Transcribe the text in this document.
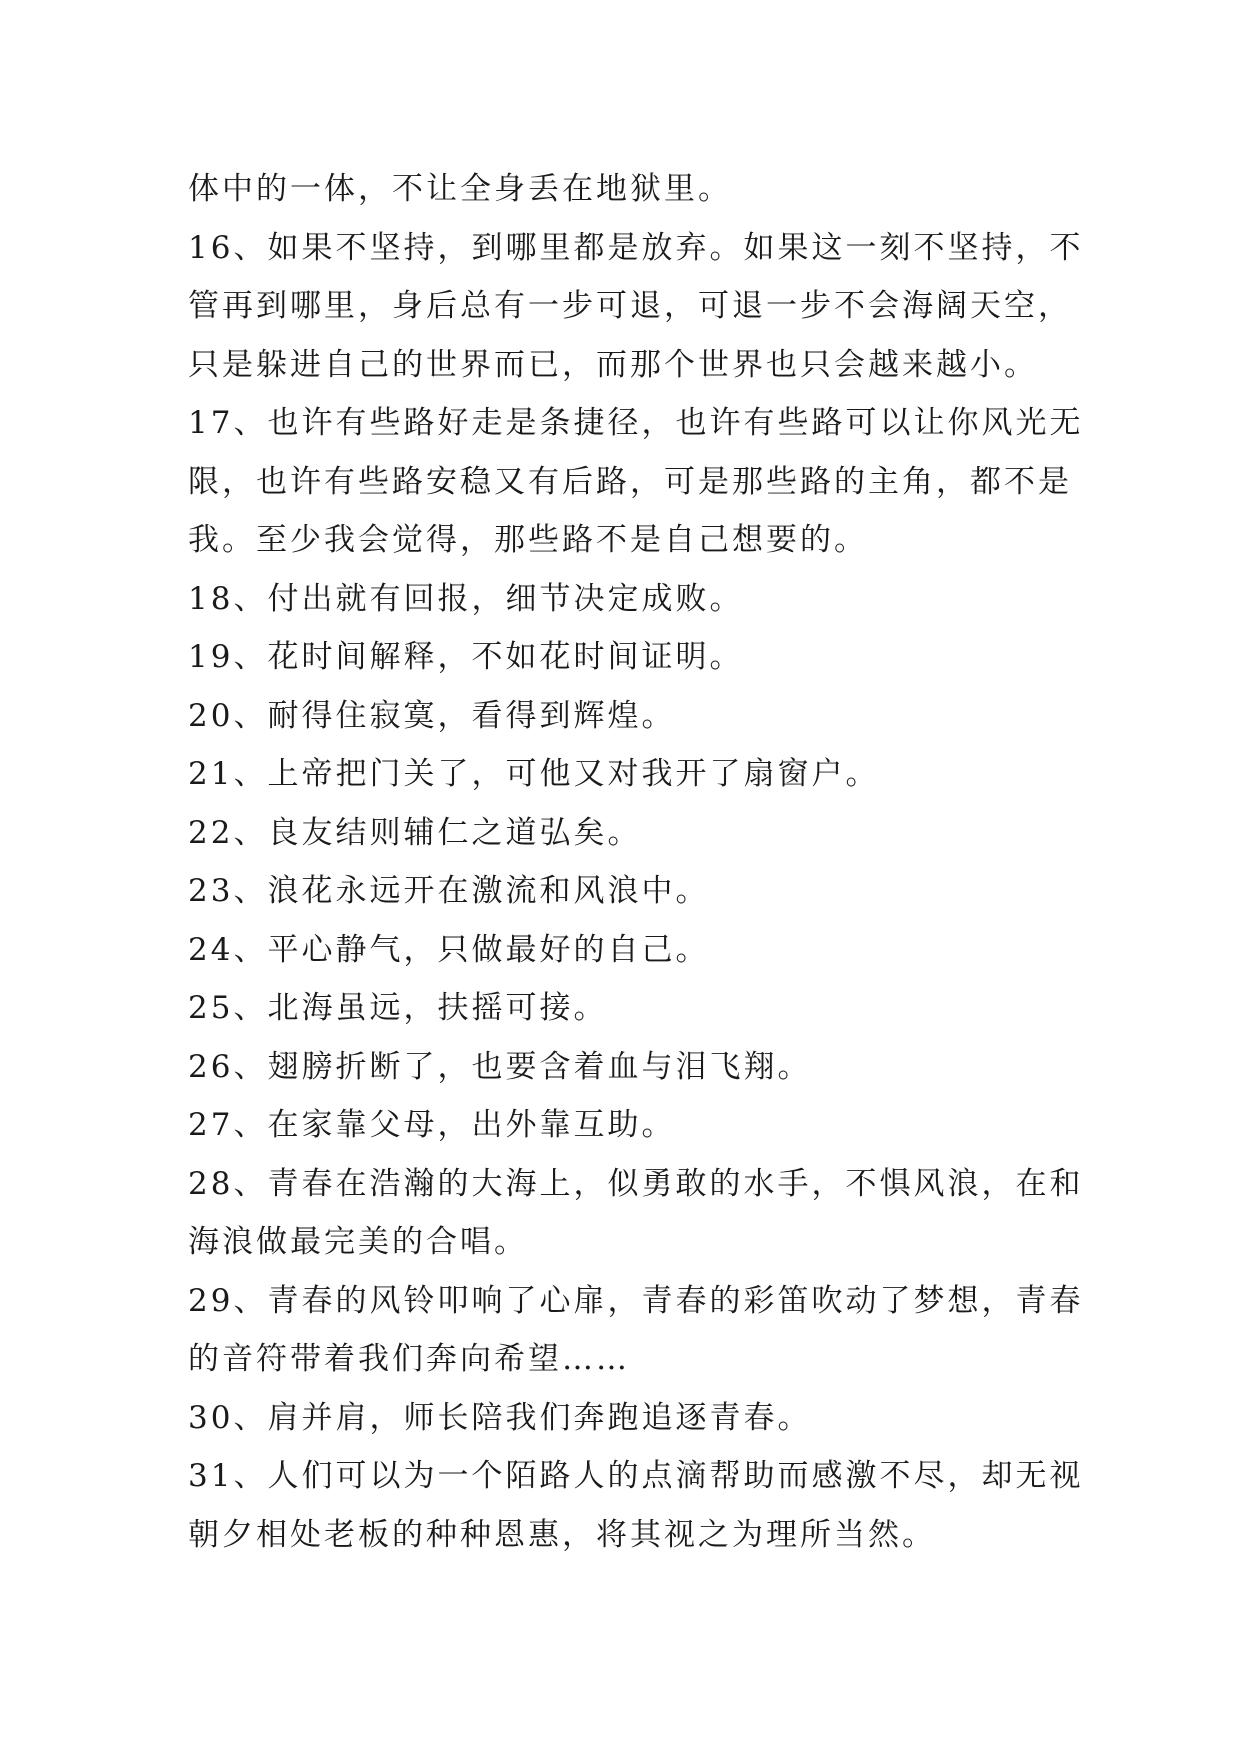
体中的一体，不让全身丢在地狱里。
16、如果不坚持，到哪里都是放弃。如果这一刻不坚持，不
管再到哪里，身后总有一步可退，可退一步不会海阔天空，
只是躲进自己的世界而已，而那个世界也只会越来越小。
17、也许有些路好走是条捷径，也许有些路可以让你风光无
限，也许有些路安稳又有后路，可是那些路的主角，都不是
我。至少我会觉得，那些路不是自己想要的。
18、付出就有回报，细节决定成败。
19、花时间解释，不如花时间证明。
20、耐得住寂寞，看得到辉煌。
21、上帝把门关了，可他又对我开了扇窗户。
22、良友结则辅仁之道弘矣。
23、浪花永远开在激流和风浪中。
24、平心静气，只做最好的自己。
25、北海虽远，扶摇可接。
26、翅膀折断了，也要含着血与泪飞翔。
27、在家靠父母，出外靠互助。
28、青春在浩瀚的大海上，似勇敢的水手，不惧风浪，在和
海浪做最完美的合唱。
29、青春的风铃叩响了心扉，青春的彩笛吹动了梦想，青春
的音符带着我们奔向希望……
30、肩并肩，师长陪我们奔跑追逐青春。
31、人们可以为一个陌路人的点滴帮助而感激不尽，却无视
朝夕相处老板的种种恩惠，将其视之为理所当然。
